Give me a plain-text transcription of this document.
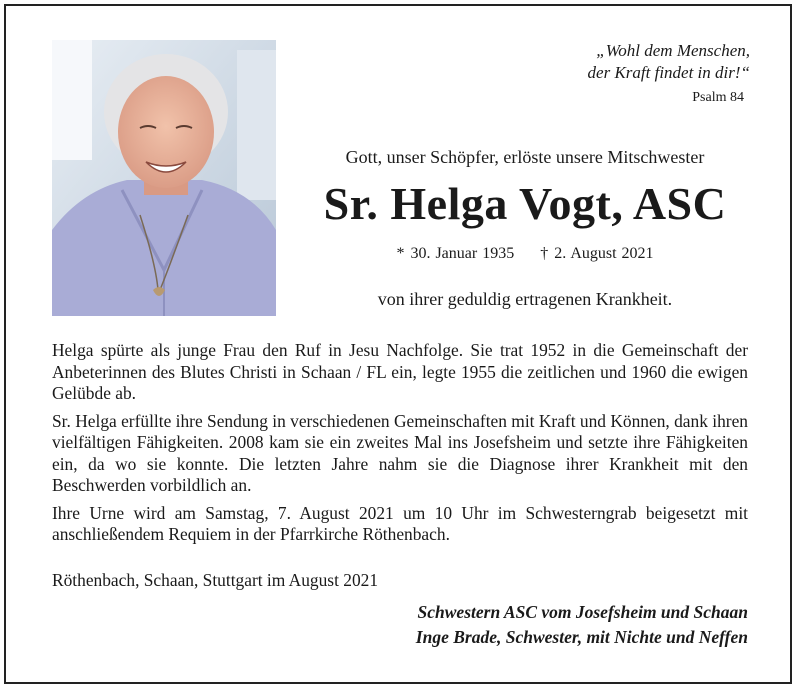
„Wohl dem Menschen,
der Kraft findet in dir!“
Psalm 84
Gott, unser Schöpfer, erlöste unsere Mitschwester
Sr. Helga Vogt, ASC
* 30. Januar 1935 † 2. August 2021
von ihrer geduldig ertragenen Krankheit.

Helga spürte als junge Frau den Ruf in Jesu Nachfolge. Sie trat 1952 in die Gemeinschaft der Anbeterinnen des Blutes Christi in Schaan / FL ein, legte 1955 die zeitlichen und 1960 die ewigen Gelübde ab.

Sr. Helga erfüllte ihre Sendung in verschiedenen Gemeinschaften mit Kraft und Können, dank ihren vielfältigen Fähigkeiten. 2008 kam sie ein zweites Mal ins Josefsheim und setzte ihre Fähigkeiten ein, da wo sie konnte. Die letzten Jahre nahm sie die Diagnose ihrer Krankheit mit den Beschwerden vorbildlich an.

Ihre Urne wird am Samstag, 7. August 2021 um 10 Uhr im Schwesterngrab beigesetzt mit anschließendem Requiem in der Pfarrkirche Röthenbach.

Röthenbach, Schaan, Stuttgart im August 2021
Schwestern ASC vom Josefsheim und Schaan
Inge Brade, Schwester, mit Nichte und Neffen
